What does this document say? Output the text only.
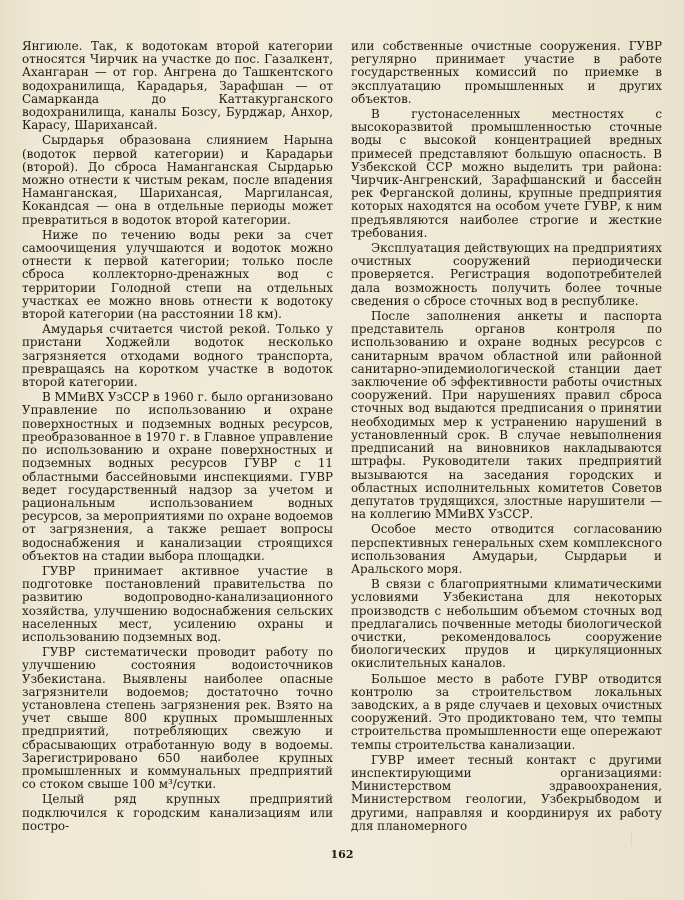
Янгиюле. Так, к водотокам второй категории относятся Чирчик на участке до пос. Газалкент, Ахангаран — от гор. Ангрена до Ташкентского водохранилища, Карадарья, Зарафшан — от Самарканда до Каттакурганского водохранилища, каналы Бозсу, Бурджар, Анхор, Карасу, Шарихансай.

Сырдарья образована слиянием Нарына (водоток первой категории) и Карадарьи (второй). До сброса Наманганская Сырдарью можно отнести к чистым рекам, после впадения Наманганская, Шарихансая, Маргилансая, Кокандсая — она в отдельные периоды может превратиться в водоток второй категории.

Ниже по течению воды реки за счет самоочищения улучшаются и водоток можно отнести к первой категории; только после сброса коллекторно-дренажных вод с территории Голодной степи на отдельных участках ее можно вновь отнести к водотоку второй категории (на расстоянии 18 км).

Амударья считается чистой рекой. Только у пристани Ходжейли водоток несколько загрязняется отходами водного транспорта, превращаясь на коротком участке в водоток второй категории.

В ММиВХ УзССР в 1960 г. было организовано Управление по использованию и охране поверхностных и подземных водных ресурсов, преобразованное в 1970 г. в Главное управление по использованию и охране поверхностных и подземных водных ресурсов ГУВР с 11 областными бассейновыми инспекциями. ГУВР ведет государственный надзор за учетом и рациональным использованием водных ресурсов, за мероприятиями по охране водоемов от загрязнения, а также решает вопросы водоснабжения и канализации строящихся объектов на стадии выбора площадки.

ГУВР принимает активное участие в подготовке постановлений правительства по развитию водопроводно-канализационного хозяйства, улучшению водоснабжения сельских населенных мест, усилению охраны и использованию подземных вод.

ГУВР систематически проводит работу по улучшению состояния водоисточников Узбекистана. Выявлены наиболее опасные загрязнители водоемов; достаточно точно установлена степень загрязнения рек. Взято на учет свыше 800 крупных промышленных предприятий, потребляющих свежую и сбрасывающих отработанную воду в водоемы. Зарегистрировано 650 наиболее крупных промышленных и коммунальных предприятий со стоком свыше 100 м³/сутки.

Целый ряд крупных предприятий подключился к городским канализациям или постро-

или собственные очистные сооружения. ГУВР регулярно принимает участие в работе государственных комиссий по приемке в эксплуатацию промышленных и других объектов.

В густонаселенных местностях с высокоразвитой промышленностью сточные воды с высокой концентрацией вредных примесей представляют большую опасность. В Узбекской ССР можно выделить три района: Чирчик-Ангренский, Зарафшанский и бассейн рек Ферганской долины, крупные предприятия которых находятся на особом учете ГУВР, к ним предъявляются наиболее строгие и жесткие требования.

Эксплуатация действующих на предприятиях очистных сооружений периодически проверяется. Регистрация водопотребителей дала возможность получить более точные сведения о сбросе сточных вод в республике.

После заполнения анкеты и паспорта представитель органов контроля по использованию и охране водных ресурсов с санитарным врачом областной или районной санитарно-эпидемиологической станции дает заключение об эффективности работы очистных сооружений. При нарушениях правил сброса сточных вод выдаются предписания о принятии необходимых мер к устранению нарушений в установленный срок. В случае невыполнения предписаний на виновников накладываются штрафы. Руководители таких предприятий вызываются на заседания городских и областных исполнительных комитетов Советов депутатов трудящихся, злостные нарушители — на коллегию ММиВХ УзССР.

Особое место отводится согласованию перспективных генеральных схем комплексного использования Амударьи, Сырдарьи и Аральского моря.

В связи с благоприятными климатическими условиями Узбекистана для некоторых производств с небольшим объемом сточных вод предлагались почвенные методы биологической очистки, рекомендовалось сооружение биологических прудов и циркуляционных окислительных каналов.

Большое место в работе ГУВР отводится контролю за строительством локальных заводских, а в ряде случаев и цеховых очистных сооружений. Это продиктовано тем, что темпы строительства промышленности еще опережают темпы строительства канализации.

ГУВР имеет тесный контакт с другими инспектирующими организациями: Министерством здравоохранения, Министерством геологии, Узбекрыбводом и другими, направляя и координируя их работу для планомерного

162
